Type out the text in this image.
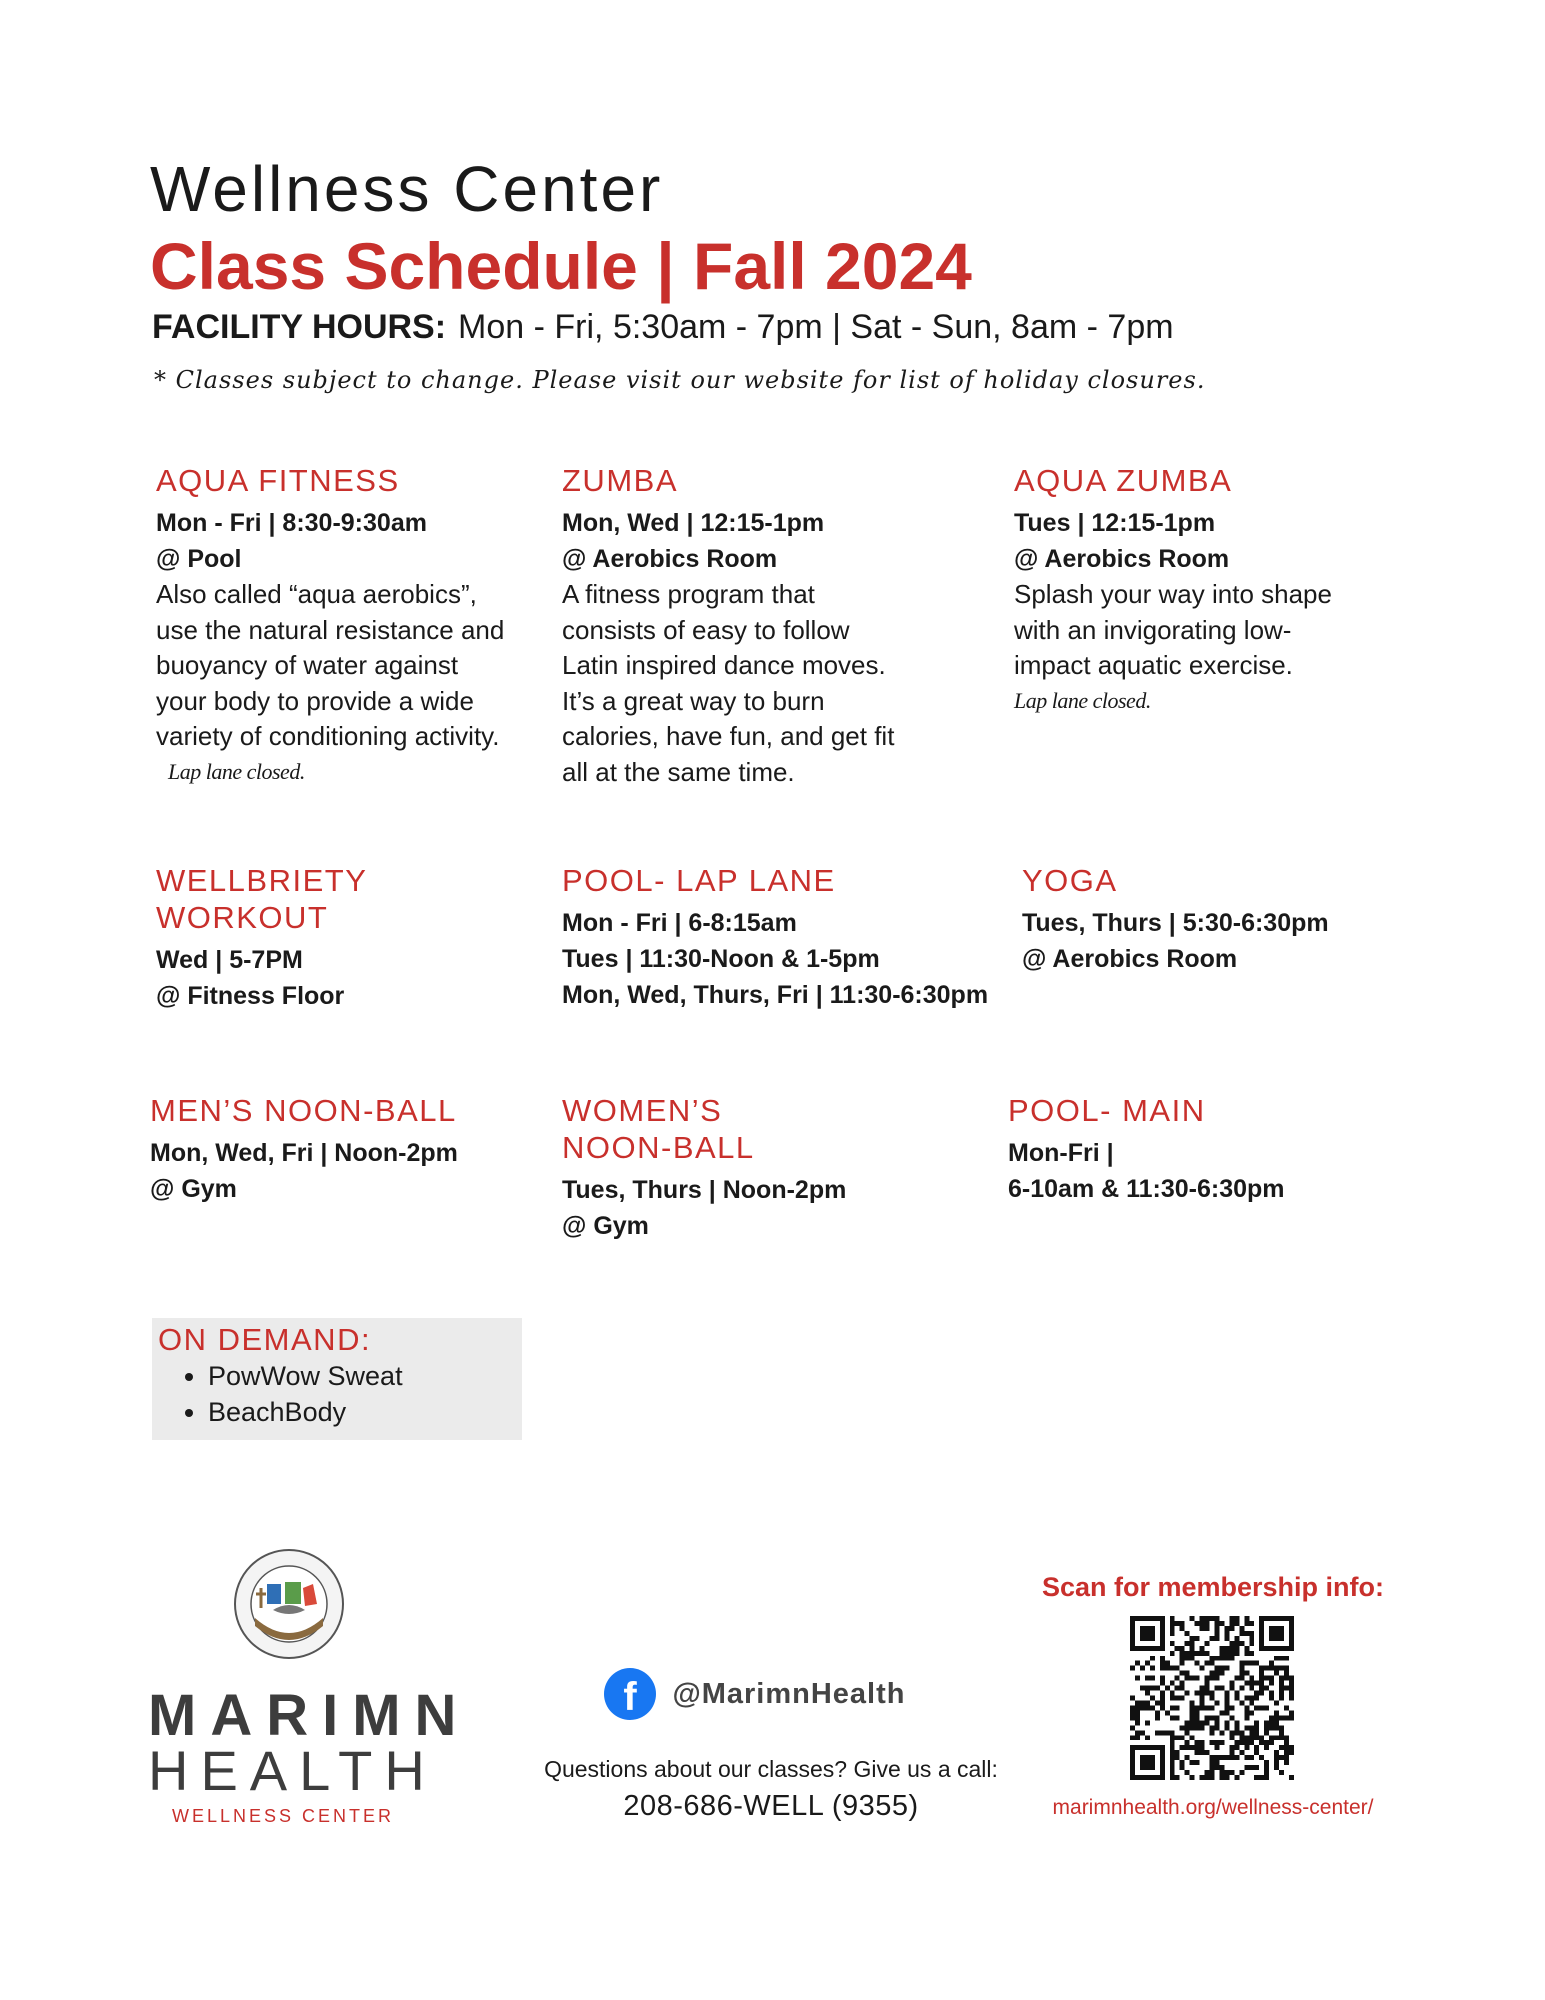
Wellness Center
Class Schedule | Fall 2024
FACILITY HOURS: Mon - Fri, 5:30am - 7pm | Sat - Sun, 8am - 7pm
* Classes subject to change. Please visit our website for list of holiday closures.
AQUA FITNESS
Mon - Fri | 8:30-9:30am
@ Pool
Also called “aqua aerobics”,
use the natural resistance and
buoyancy of water against
your body to provide a wide
variety of conditioning activity.
Lap lane closed.
ZUMBA
Mon, Wed | 12:15-1pm
@ Aerobics Room
A fitness program that
consists of easy to follow
Latin inspired dance moves.
It’s a great way to burn
calories, have fun, and get fit
all at the same time.
AQUA ZUMBA
Tues | 12:15-1pm
@ Aerobics Room
Splash your way into shape
with an invigorating low-
impact aquatic exercise.
Lap lane closed.
WELLBRIETY
WORKOUT
Wed | 5-7PM
@ Fitness Floor
POOL- LAP LANE
Mon - Fri | 6-8:15am
Tues | 11:30-Noon & 1-5pm
Mon, Wed, Thurs, Fri | 11:30-6:30pm
YOGA
Tues, Thurs | 5:30-6:30pm
@ Aerobics Room
MEN’S NOON-BALL
Mon, Wed, Fri | Noon-2pm
@ Gym
WOMEN’S
NOON-BALL
Tues, Thurs | Noon-2pm
@ Gym
POOL- MAIN
Mon-Fri |
6-10am & 11:30-6:30pm
ON DEMAND:
• PowWow Sweat
• BeachBody
MARIMN
HEALTH
WELLNESS CENTER
f @MarimnHealth
Questions about our classes? Give us a call:
208-686-WELL (9355)
Scan for membership info:
marimnhealth.org/wellness-center/
